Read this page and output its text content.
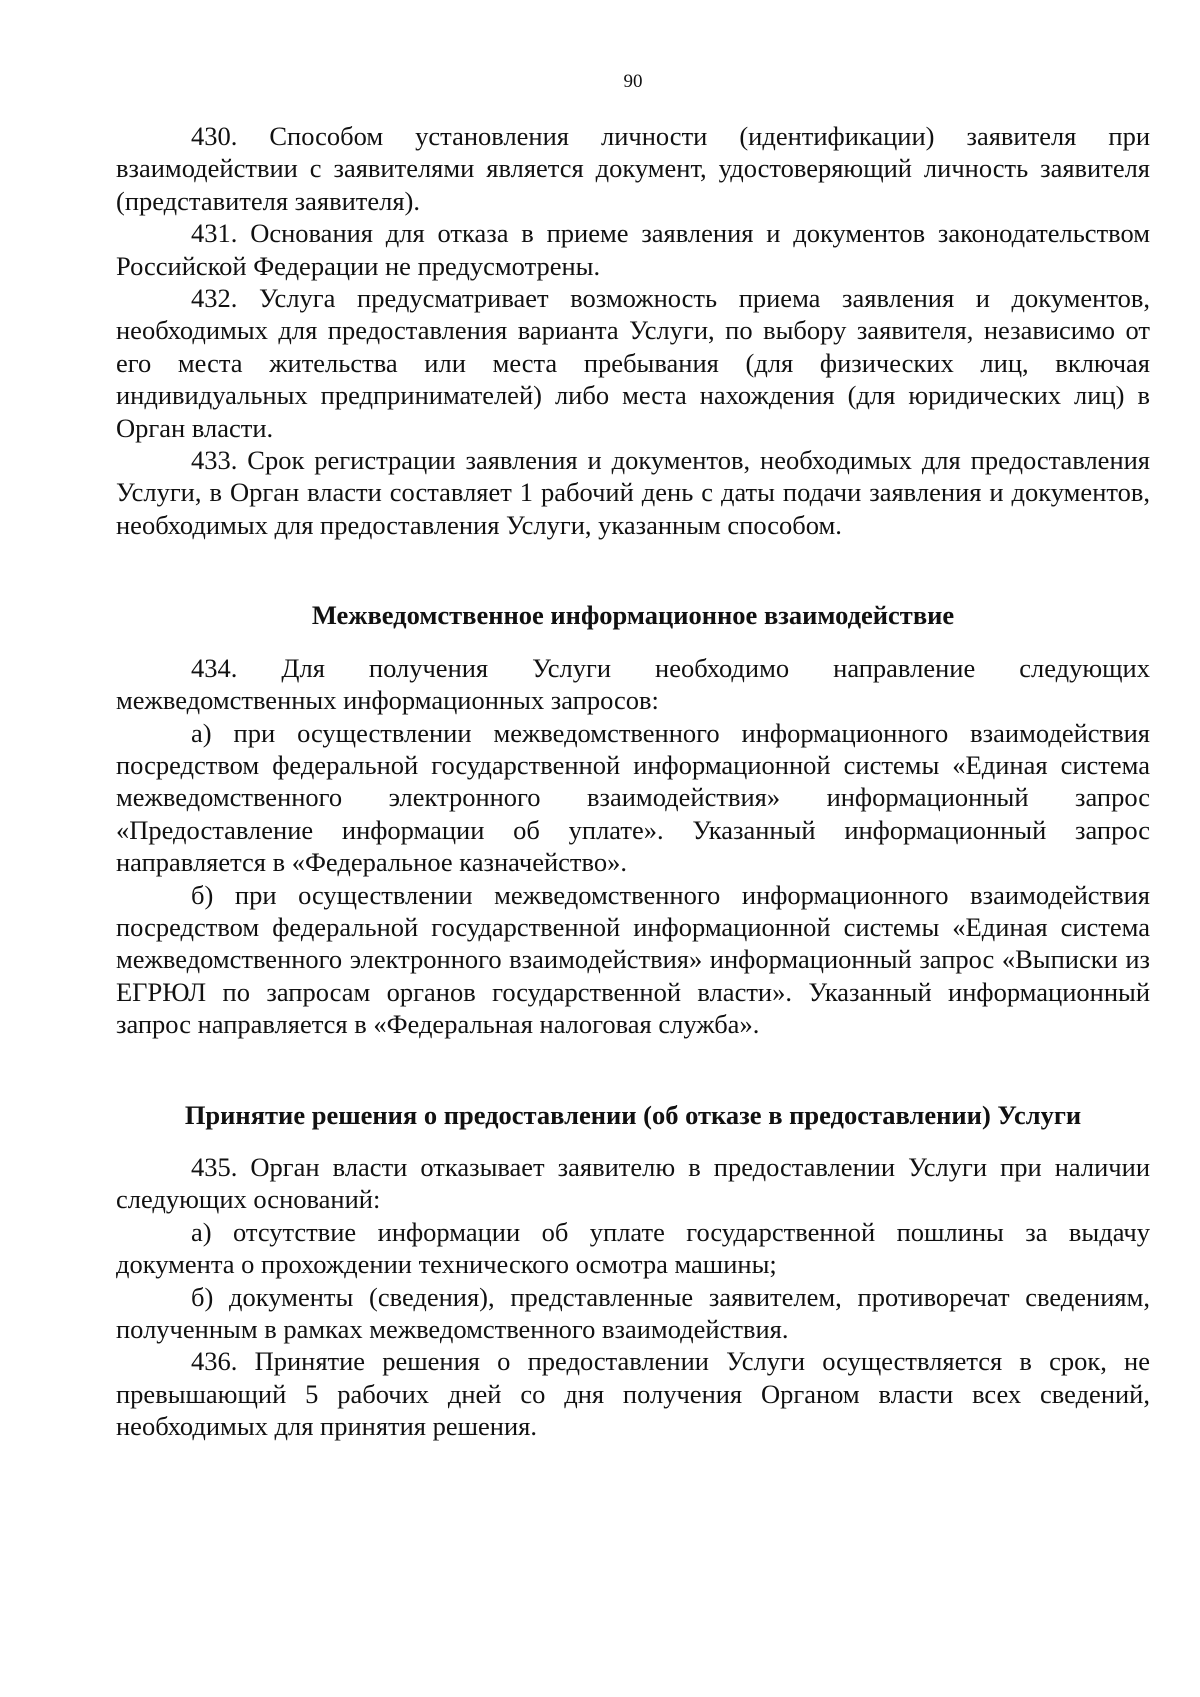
90

430. Способом установления личности (идентификации) заявителя при взаимодействии с заявителями является документ, удостоверяющий личность заявителя (представителя заявителя).

431. Основания для отказа в приеме заявления и документов законодательством Российской Федерации не предусмотрены.

432. Услуга предусматривает возможность приема заявления и документов, необходимых для предоставления варианта Услуги, по выбору заявителя, независимо от его места жительства или места пребывания (для физических лиц, включая индивидуальных предпринимателей) либо места нахождения (для юридических лиц) в Орган власти.

433. Срок регистрации заявления и документов, необходимых для предоставления Услуги, в Орган власти составляет 1 рабочий день с даты подачи заявления и документов, необходимых для предоставления Услуги, указанным способом.

Межведомственное информационное взаимодействие

434. Для получения Услуги необходимо направление следующих межведомственных информационных запросов:

а) при осуществлении межведомственного информационного взаимодействия посредством федеральной государственной информационной системы «Единая система межведомственного электронного взаимодействия» информационный запрос «Предоставление информации об уплате». Указанный информационный запрос направляется в «Федеральное казначейство».

б) при осуществлении межведомственного информационного взаимодействия посредством федеральной государственной информационной системы «Единая система межведомственного электронного взаимодействия» информационный запрос «Выписки из ЕГРЮЛ по запросам органов государственной власти». Указанный информационный запрос направляется в «Федеральная налоговая служба».

Принятие решения о предоставлении (об отказе в предоставлении) Услуги

435. Орган власти отказывает заявителю в предоставлении Услуги при наличии следующих оснований:

а) отсутствие информации об уплате государственной пошлины за выдачу документа о прохождении технического осмотра машины;

б) документы (сведения), представленные заявителем, противоречат сведениям, полученным в рамках межведомственного взаимодействия.

436. Принятие решения о предоставлении Услуги осуществляется в срок, не превышающий 5 рабочих дней со дня получения Органом власти всех сведений, необходимых для принятия решения.
